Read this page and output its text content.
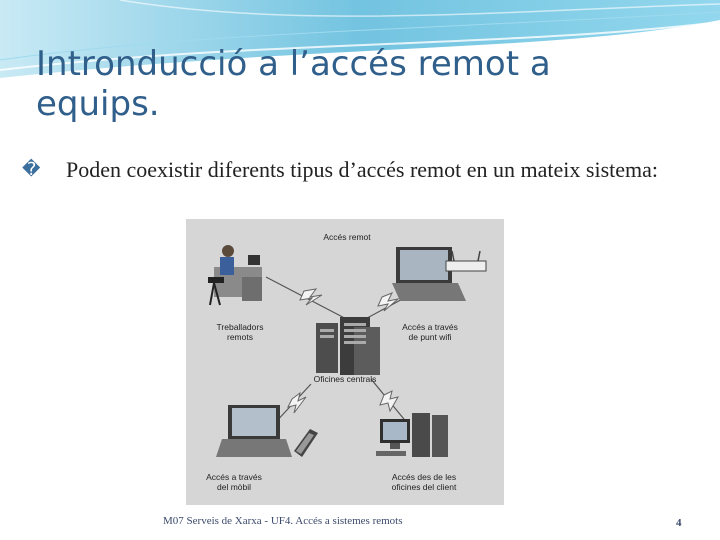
Intronducció a l’accés remot a equips.
�	Poden coexistir diferents tipus d’accés remot en un mateix sistema:
Accés remot
Treballadors
remots
Accés a través
de punt wifi
Oficines centrals
Accés a través
del mòbil
Accés des de les
oficines del client
M07 Serveis de Xarxa - UF4. Accés a sistemes remots	4
